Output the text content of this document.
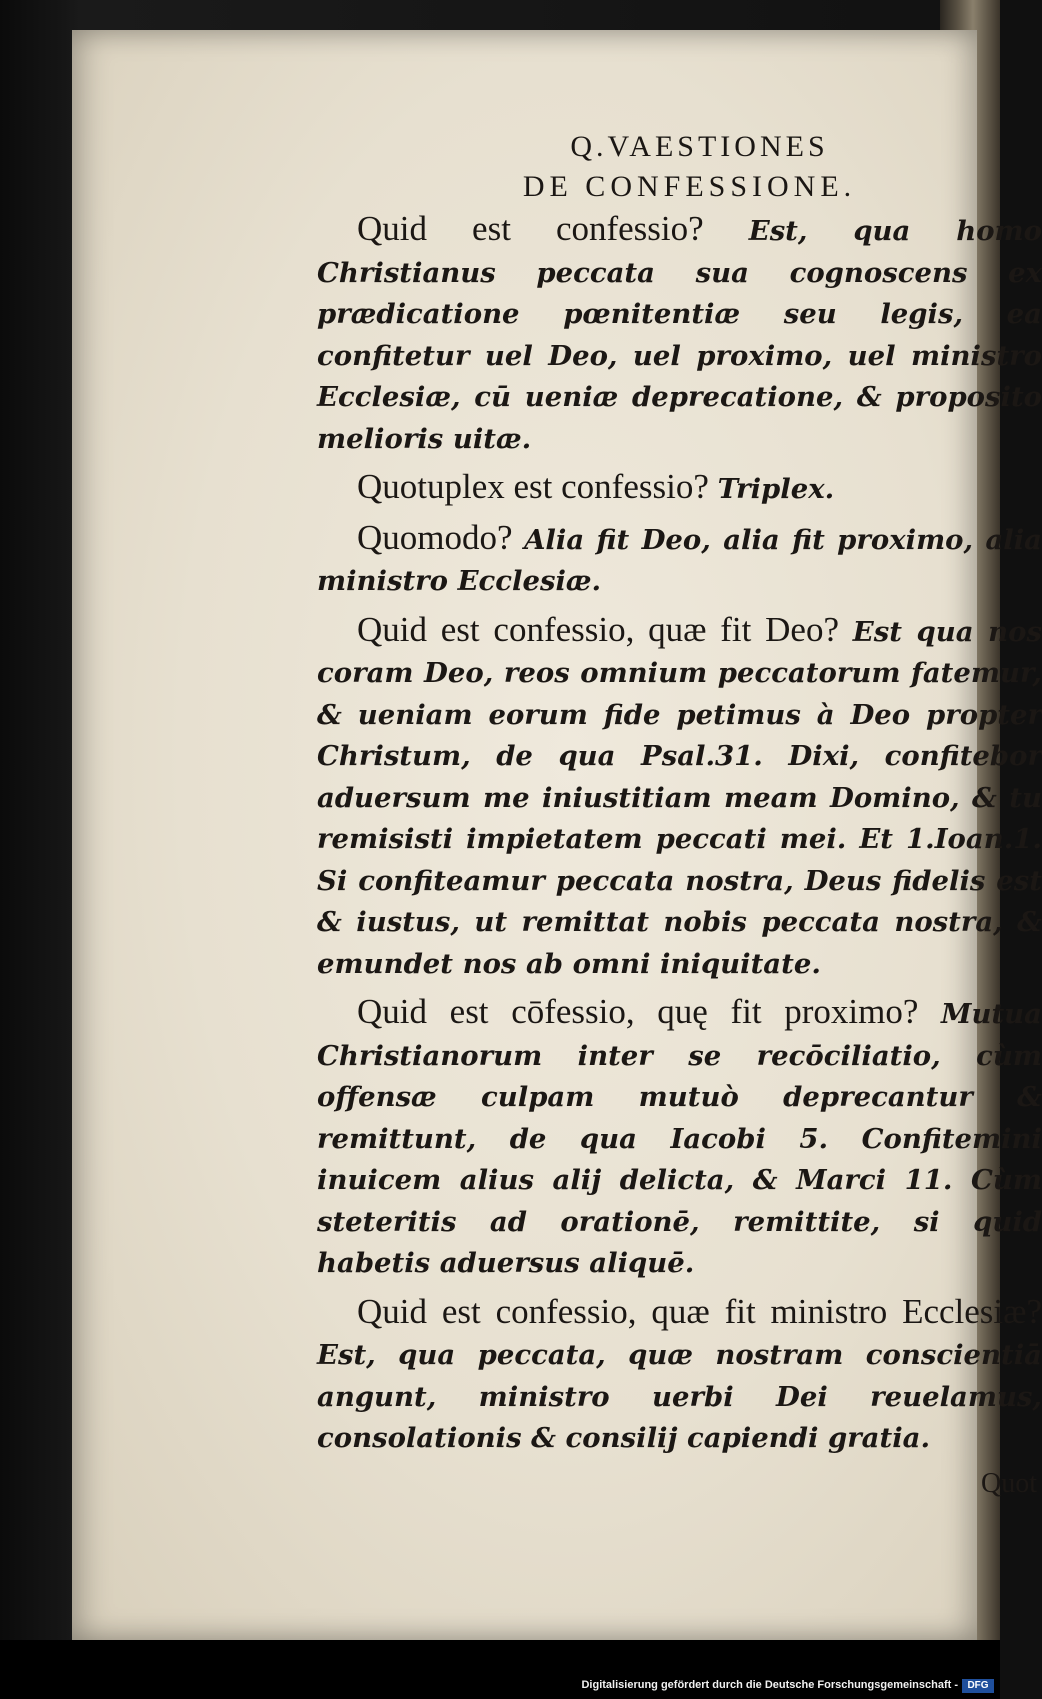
Q.VAESTIONES
DE CONFESSIONE.

Quid est confessio? Est, qua homo Christianus peccata sua cognoscens ex prædicatione pœnitentiæ seu legis, ea confitetur uel Deo, uel proximo, uel ministro Ecclesiæ, cū ueniæ deprecatione, & proposito melioris uitæ.

Quotuplex est confessio? Triplex.

Quomodo? Alia fit Deo, alia fit proximo, alia ministro Ecclesiæ.

Quid est confessio, quæ fit Deo? Est qua nos coram Deo, reos omnium peccatorum fatemur, & ueniam eorum fide petimus à Deo propter Christum, de qua Psal.31. Dixi, confitebor aduersum me iniustitiam meam Domino, & tu remisisti impietatem peccati mei. Et 1.Ioan.1. Si confiteamur peccata nostra, Deus fidelis est & iustus, ut remittat nobis peccata nostra, & emundet nos ab omni iniquitate.

Quid est cōfessio, quę fit proximo? Mutua Christianorum inter se recōciliatio, cùm offensæ culpam mutuò deprecantur & remittunt, de qua Iacobi 5. Confitemini inuicem alius alij delicta, & Marci 11. Cùm steteritis ad orationē, remittite, si quid habetis aduersus aliquē.

Quid est confessio, quæ fit ministro Ecclesiæ? Est, qua peccata, quæ nostram conscientiā angunt, ministro uerbi Dei reuelamus, consolationis & consilij capiendi gratia.

Quot
Digitalisierung gefördert durch die Deutsche Forschungsgemeinschaft - DFG
